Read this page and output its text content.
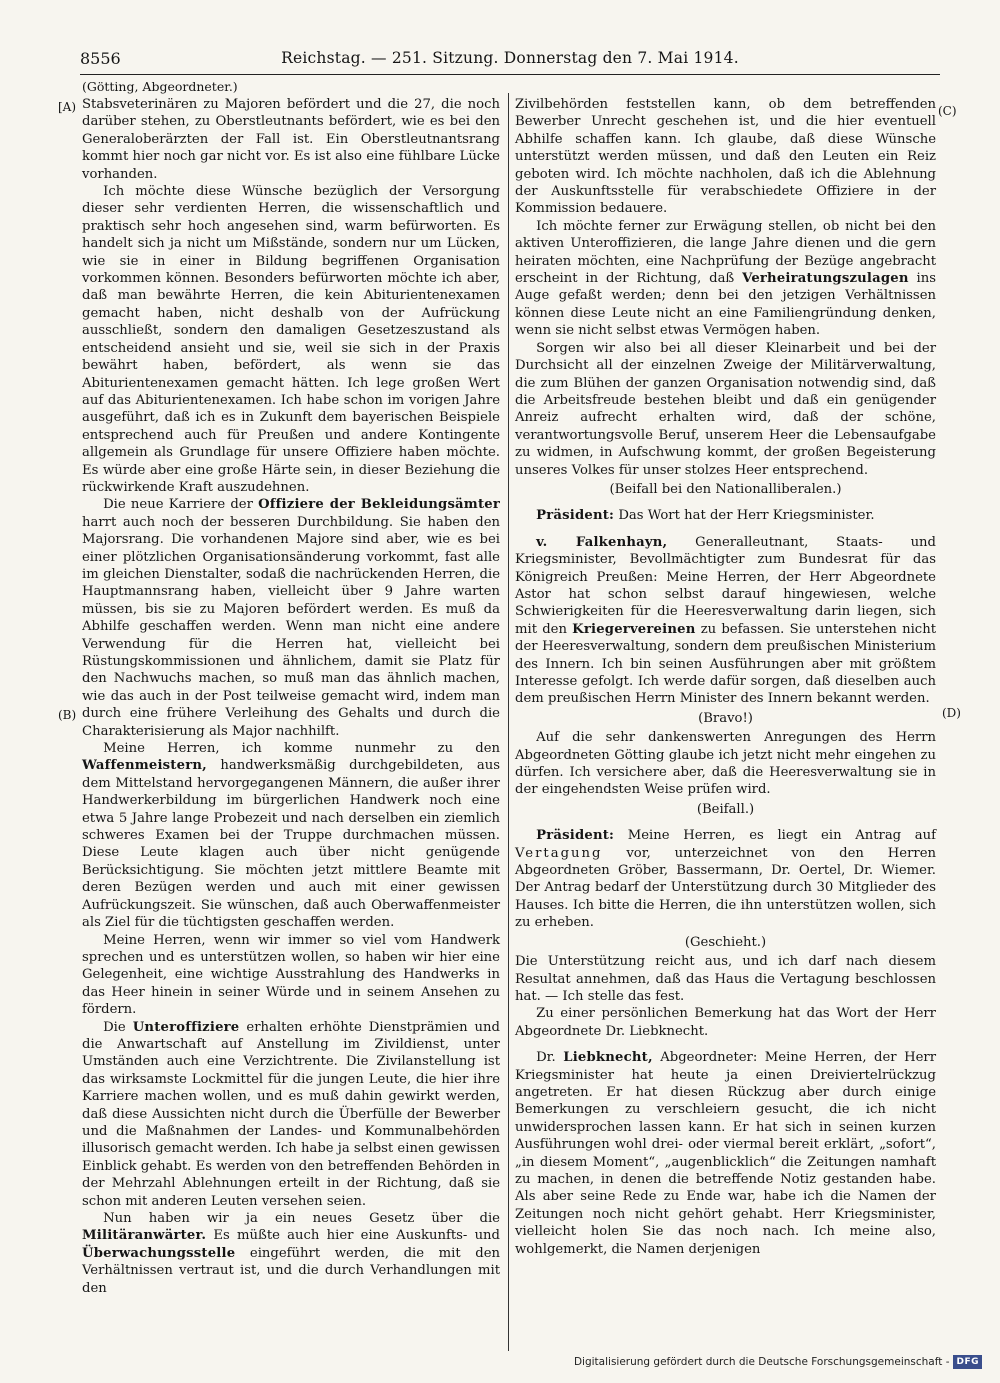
8556	Reichstag. — 251. Sitzung. Donnerstag den 7. Mai 1914.
(Götting, Abgeordneter.)
[A)
(B)
(C)
(D)

Stabsveterinären zu Majoren befördert und die 27, die noch darüber stehen, zu Oberstleutnants befördert, wie es bei den Generaloberärzten der Fall ist. Ein Oberstleutnantsrang kommt hier noch gar nicht vor. Es ist also eine fühlbare Lücke vorhanden.

Ich möchte diese Wünsche bezüglich der Versorgung dieser sehr verdienten Herren, die wissenschaftlich und praktisch sehr hoch angesehen sind, warm befürworten. Es handelt sich ja nicht um Mißstände, sondern nur um Lücken, wie sie in einer in Bildung begriffenen Organisation vorkommen können. Besonders befürworten möchte ich aber, daß man bewährte Herren, die kein Abiturientenexamen gemacht haben, nicht deshalb von der Aufrückung ausschließt, sondern den damaligen Gesetzeszustand als entscheidend ansieht und sie, weil sie sich in der Praxis bewährt haben, befördert, als wenn sie das Abiturientenexamen gemacht hätten. Ich lege großen Wert auf das Abiturientenexamen. Ich habe schon im vorigen Jahre ausgeführt, daß ich es in Zukunft dem bayerischen Beispiele entsprechend auch für Preußen und andere Kontingente allgemein als Grundlage für unsere Offiziere haben möchte. Es würde aber eine große Härte sein, in dieser Beziehung die rückwirkende Kraft auszudehnen.

Die neue Karriere der Offiziere der Bekleidungsämter harrt auch noch der besseren Durchbildung. Sie haben den Majorsrang. Die vorhandenen Majore sind aber, wie es bei einer plötzlichen Organisationsänderung vorkommt, fast alle im gleichen Dienstalter, sodaß die nachrückenden Herren, die Hauptmannsrang haben, vielleicht über 9 Jahre warten müssen, bis sie zu Majoren befördert werden. Es muß da Abhilfe geschaffen werden. Wenn man nicht eine andere Verwendung für die Herren hat, vielleicht bei Rüstungskommissionen und ähnlichem, damit sie Platz für den Nachwuchs machen, so muß man das ähnlich machen, wie das auch in der Post teilweise gemacht wird, indem man durch eine frühere Verleihung des Gehalts und durch die Charakterisierung als Major nachhilft.

Meine Herren, ich komme nunmehr zu den Waffenmeistern, handwerksmäßig durchgebildeten, aus dem Mittelstand hervorgegangenen Männern, die außer ihrer Handwerkerbildung im bürgerlichen Handwerk noch eine etwa 5 Jahre lange Probezeit und nach derselben ein ziemlich schweres Examen bei der Truppe durchmachen müssen. Diese Leute klagen auch über nicht genügende Berücksichtigung. Sie möchten jetzt mittlere Beamte mit deren Bezügen werden und auch mit einer gewissen Aufrückungszeit. Sie wünschen, daß auch Oberwaffenmeister als Ziel für die tüchtigsten geschaffen werden.

Meine Herren, wenn wir immer so viel vom Handwerk sprechen und es unterstützen wollen, so haben wir hier eine Gelegenheit, eine wichtige Ausstrahlung des Handwerks in das Heer hinein in seiner Würde und in seinem Ansehen zu fördern.

Die Unteroffiziere erhalten erhöhte Dienstprämien und die Anwartschaft auf Anstellung im Zivildienst, unter Umständen auch eine Verzichtrente. Die Zivilanstellung ist das wirksamste Lockmittel für die jungen Leute, die hier ihre Karriere machen wollen, und es muß dahin gewirkt werden, daß diese Aussichten nicht durch die Überfülle der Bewerber und die Maßnahmen der Landes- und Kommunalbehörden illusorisch gemacht werden. Ich habe ja selbst einen gewissen Einblick gehabt. Es werden von den betreffenden Behörden in der Mehrzahl Ablehnungen erteilt in der Richtung, daß sie schon mit anderen Leuten versehen seien.

Nun haben wir ja ein neues Gesetz über die Militäranwärter. Es müßte auch hier eine Auskunfts- und Überwachungsstelle eingeführt werden, die mit den Verhältnissen vertraut ist, und die durch Verhandlungen mit den

Zivilbehörden feststellen kann, ob dem betreffenden Bewerber Unrecht geschehen ist, und die hier eventuell Abhilfe schaffen kann. Ich glaube, daß diese Wünsche unterstützt werden müssen, und daß den Leuten ein Reiz geboten wird. Ich möchte nachholen, daß ich die Ablehnung der Auskunftsstelle für verabschiedete Offiziere in der Kommission bedauere.

Ich möchte ferner zur Erwägung stellen, ob nicht bei den aktiven Unteroffizieren, die lange Jahre dienen und die gern heiraten möchten, eine Nachprüfung der Bezüge angebracht erscheint in der Richtung, daß Verheiratungszulagen ins Auge gefaßt werden; denn bei den jetzigen Verhältnissen können diese Leute nicht an eine Familiengründung denken, wenn sie nicht selbst etwas Vermögen haben.

Sorgen wir also bei all dieser Kleinarbeit und bei der Durchsicht all der einzelnen Zweige der Militärverwaltung, die zum Blühen der ganzen Organisation notwendig sind, daß die Arbeitsfreude bestehen bleibt und daß ein genügender Anreiz aufrecht erhalten wird, daß der schöne, verantwortungsvolle Beruf, unserem Heer die Lebensaufgabe zu widmen, in Aufschwung kommt, der großen Begeisterung unseres Volkes für unser stolzes Heer entsprechend.

(Beifall bei den Nationalliberalen.)

Präsident: Das Wort hat der Herr Kriegsminister.

v. Falkenhayn, Generalleutnant, Staats- und Kriegsminister, Bevollmächtigter zum Bundesrat für das Königreich Preußen: Meine Herren, der Herr Abgeordnete Astor hat schon selbst darauf hingewiesen, welche Schwierigkeiten für die Heeresverwaltung darin liegen, sich mit den Kriegervereinen zu befassen. Sie unterstehen nicht der Heeresverwaltung, sondern dem preußischen Ministerium des Innern. Ich bin seinen Ausführungen aber mit größtem Interesse gefolgt. Ich werde dafür sorgen, daß dieselben auch dem preußischen Herrn Minister des Innern bekannt werden.

(Bravo!)

Auf die sehr dankenswerten Anregungen des Herrn Abgeordneten Götting glaube ich jetzt nicht mehr eingehen zu dürfen. Ich versichere aber, daß die Heeresverwaltung sie in der eingehendsten Weise prüfen wird.

(Beifall.)

Präsident: Meine Herren, es liegt ein Antrag auf Vertagung vor, unterzeichnet von den Herren Abgeordneten Gröber, Bassermann, Dr. Oertel, Dr. Wiemer. Der Antrag bedarf der Unterstützung durch 30 Mitglieder des Hauses. Ich bitte die Herren, die ihn unterstützen wollen, sich zu erheben.

(Geschieht.)

Die Unterstützung reicht aus, und ich darf nach diesem Resultat annehmen, daß das Haus die Vertagung beschlossen hat. — Ich stelle das fest.

Zu einer persönlichen Bemerkung hat das Wort der Herr Abgeordnete Dr. Liebknecht.

Dr. Liebknecht, Abgeordneter: Meine Herren, der Herr Kriegsminister hat heute ja einen Dreiviertelrückzug angetreten. Er hat diesen Rückzug aber durch einige Bemerkungen zu verschleiern gesucht, die ich nicht unwidersprochen lassen kann. Er hat sich in seinen kurzen Ausführungen wohl drei- oder viermal bereit erklärt, „sofort“, „in diesem Moment“, „augenblicklich“ die Zeitungen namhaft zu machen, in denen die betreffende Notiz gestanden habe. Als aber seine Rede zu Ende war, habe ich die Namen der Zeitungen noch nicht gehört gehabt. Herr Kriegsminister, vielleicht holen Sie das noch nach. Ich meine also, wohlgemerkt, die Namen derjenigen

Digitalisierung gefördert durch die Deutsche Forschungsgemeinschaft - DFG
